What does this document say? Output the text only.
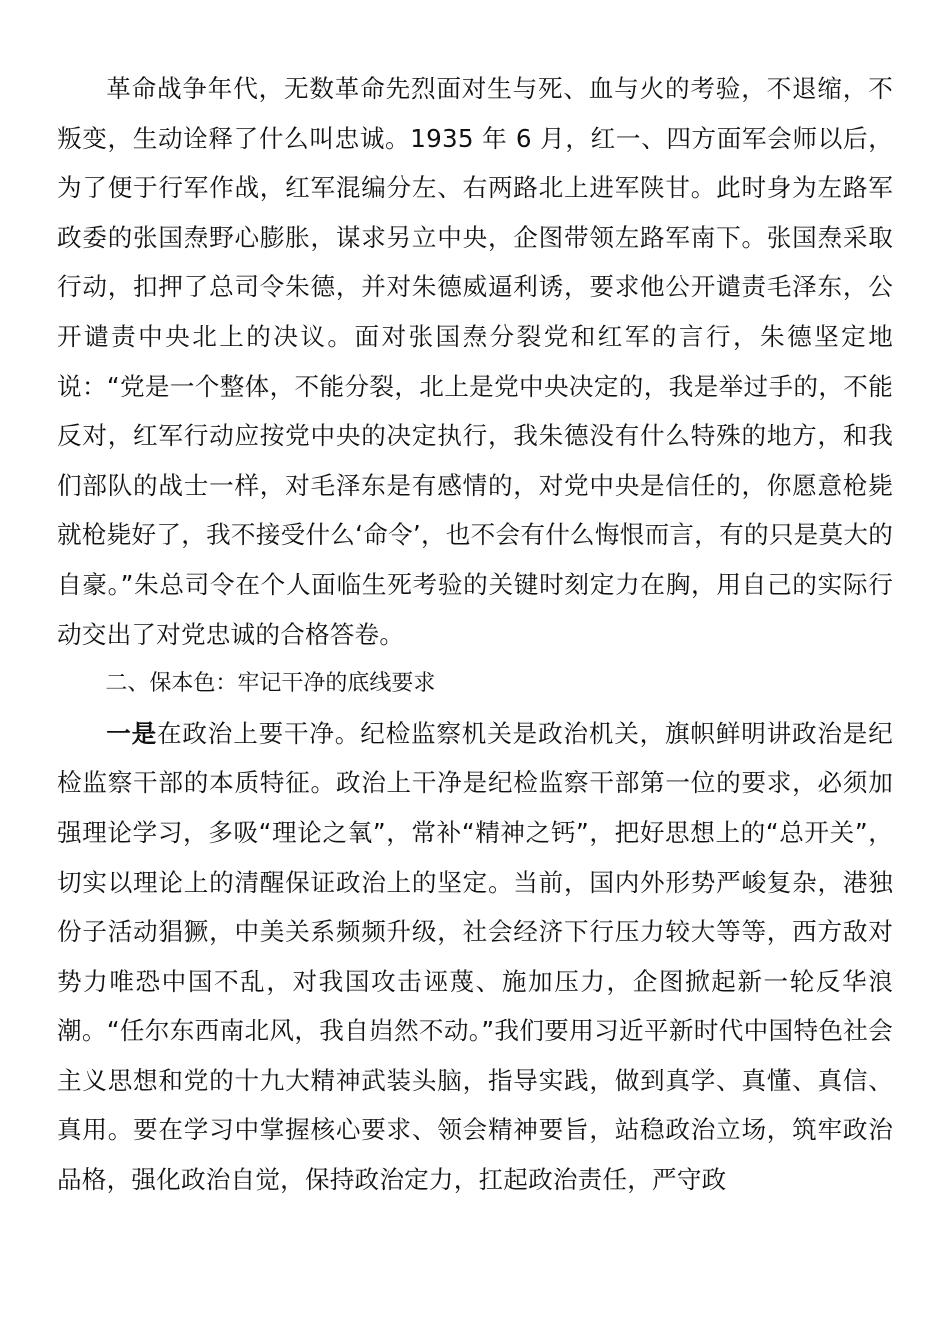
革命战争年代，无数革命先烈面对生与死、血与火的考验，不退缩，不叛变，生动诠释了什么叫忠诚。1935 年 6 月，红一、四方面军会师以后，为了便于行军作战，红军混编分左、右两路北上进军陕甘。此时身为左路军政委的张国焘野心膨胀，谋求另立中央，企图带领左路军南下。张国焘采取行动，扣押了总司令朱德，并对朱德威逼利诱，要求他公开谴责毛泽东，公开谴责中央北上的决议。面对张国焘分裂党和红军的言行，朱德坚定地说：“党是一个整体，不能分裂，北上是党中央决定的，我是举过手的，不能反对，红军行动应按党中央的决定执行，我朱德没有什么特殊的地方，和我们部队的战士一样，对毛泽东是有感情的，对党中央是信任的，你愿意枪毙就枪毙好了，我不接受什么‘命令’，也不会有什么悔恨而言，有的只是莫大的自豪。”朱总司令在个人面临生死考验的关键时刻定力在胸，用自己的实际行动交出了对党忠诚的合格答卷。

二、保本色：牢记干净的底线要求

一是在政治上要干净。纪检监察机关是政治机关，旗帜鲜明讲政治是纪检监察干部的本质特征。政治上干净是纪检监察干部第一位的要求，必须加强理论学习，多吸“理论之氧”，常补“精神之钙”，把好思想上的“总开关”，切实以理论上的清醒保证政治上的坚定。当前，国内外形势严峻复杂，港独份子活动猖獗，中美关系频频升级，社会经济下行压力较大等等，西方敌对势力唯恐中国不乱，对我国攻击诬蔑、施加压力，企图掀起新一轮反华浪潮。“任尔东西南北风，我自岿然不动。”我们要用习近平新时代中国特色社会主义思想和党的十九大精神武装头脑，指导实践，做到真学、真懂、真信、真用。要在学习中掌握核心要求、领会精神要旨，站稳政治立场，筑牢政治品格，强化政治自觉，保持政治定力，扛起政治责任，严守政
